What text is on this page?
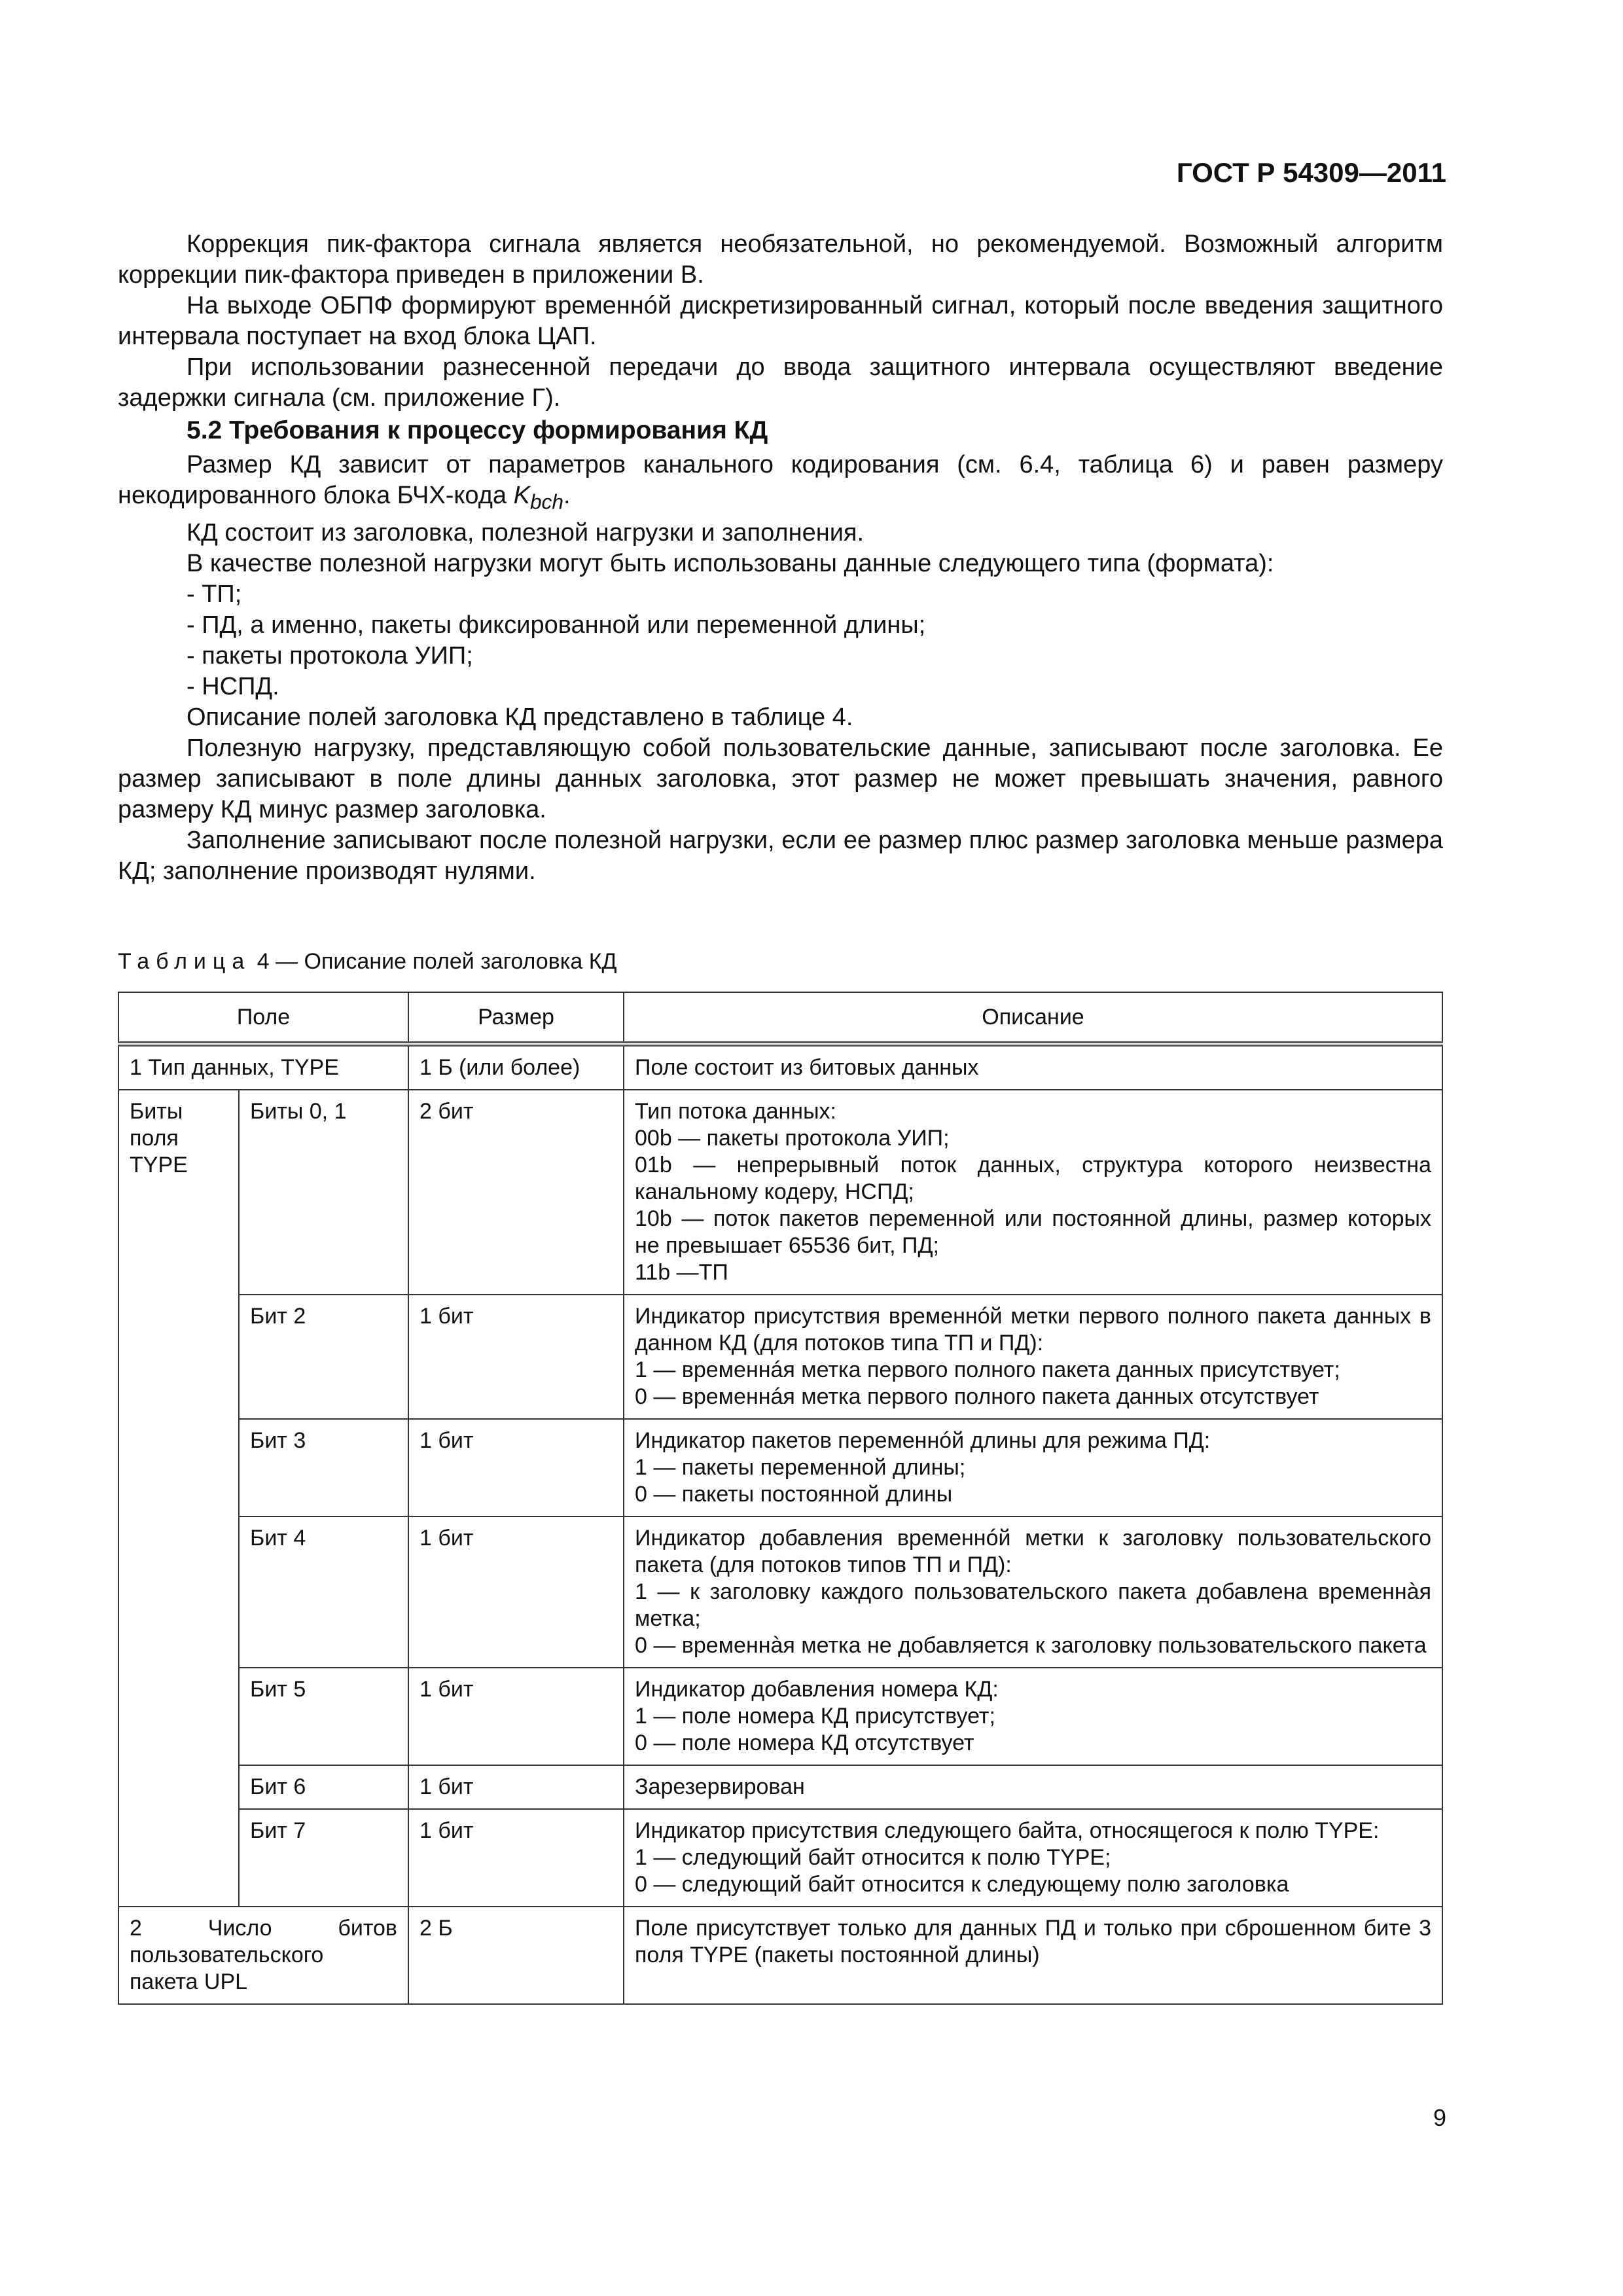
ГОСТ Р 54309—2011

Коррекция пик-фактора сигнала является необязательной, но рекомендуемой. Возможный алгоритм коррекции пик-фактора приведен в приложении В.

На выходе ОБПФ формируют временнóй дискретизированный сигнал, который после введения защитного интервала поступает на вход блока ЦАП.

При использовании разнесенной передачи до ввода защитного интервала осуществляют введение задержки сигнала (см. приложение Г).

5.2 Требования к процессу формирования КД

Размер КД зависит от параметров канального кодирования (см. 6.4, таблица 6) и равен размеру некодированного блока БЧХ-кода $K_{bch}$.

КД состоит из заголовка, полезной нагрузки и заполнения.

В качестве полезной нагрузки могут быть использованы данные следующего типа (формата):

- ТП;

- ПД, а именно, пакеты фиксированной или переменной длины;

- пакеты протокола УИП;

- НСПД.

Описание полей заголовка КД представлено в таблице 4.

Полезную нагрузку, представляющую собой пользовательские данные, записывают после заголовка. Ее размер записывают в поле длины данных заголовка, этот размер не может превышать значения, равного размеру КД минус размер заголовка.

Заполнение записывают после полезной нагрузки, если ее размер плюс размер заголовка меньше размера КД; заполнение производят нулями.

Таблица 4 — Описание полей заголовка КД
Поле		Размер	Описание
1 Тип данных, TYPE		1 Б (или более)	Поле состоит из битовых данных
Биты поля TYPE	Биты 0, 1	2 бит	Тип потока данных:
00b — пакеты протокола УИП;
01b — непрерывный поток данных, структура которого неизвестна канальному кодеру, НСПД;
10b — поток пакетов переменной или постоянной длины, размер которых не превышает 65536 бит, ПД;
11b —ТП

	Бит 2	1 бит	Индикатор присутствия временнóй метки первого полного пакета данных в данном КД (для потоков типа ТП и ПД):
1 — временнáя метка первого полного пакета данных присутствует;
0 — временнáя метка первого полного пакета данных отсутствует

	Бит 3	1 бит	Индикатор пакетов переменнóй длины для режима ПД:
1 — пакеты переменной длины;
0 — пакеты постоянной длины

	Бит 4	1 бит	Индикатор добавления временнóй метки к заголовку пользовательского пакета (для потоков типов ТП и ПД):
1 — к заголовку каждого пользовательского пакета добавлена временнàя метка;
0 — временнàя метка не добавляется к заголовку пользовательского пакета

	Бит 5	1 бит	Индикатор добавления номера КД:
1 — поле номера КД присутствует;
0 — поле номера КД отсутствует

	Бит 6	1 бит	Зарезервирован

	Бит 7	1 бит	Индикатор присутствия следующего байта, относящегося к полю TYPE:
1 — следующий байт относится к полю TYPE;
0 — следующий байт относится к следующему полю заголовка

2 Число битов пользовательского пакета UPL		2 Б	Поле присутствует только для данных ПД и только при сброшенном бите 3 поля TYPE (пакеты постоянной длины)
9
